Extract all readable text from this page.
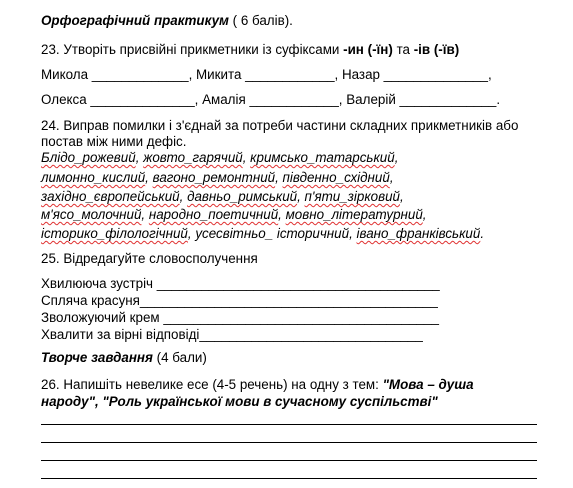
Орфографічний практикум ( 6 балів).
23. Утворіть присвійні прикметники із суфіксами -ин (-їн) та -ів (-їв)
Микола _____________, Микита ____________, Назар ______________,
Олекса ______________, Амалія ____________, Валерій _____________.
24. Виправ помилки і з'єднай за потреби частини складних прикметників або
постав між ними дефіс.
Блідо_рожевий, жовто_гарячий, кримсько_татарський,
лимонно_кислий, вагоно_ремонтний, південно_східний,
західно_європейський, давньо_римський, п'яти_зірковий,
м'ясо_молочний, народно_поетичний, мовно_літературний,
історико_філологічний, усесвітньо_ історичний, івано_франківський.
25. Відредагуйте словосполучення
Хвилююча зустріч ______________________________________
Спляча красуня________________________________________
Зволожуючий крем _____________________________________
Хвалити за вірні відповіді______________________________
Творче завдання (4 бали)
26. Напишіть невелике есе (4-5 речень) на одну з тем: "Мова – душа
народу", "Роль української мови в сучасному суспільстві"
